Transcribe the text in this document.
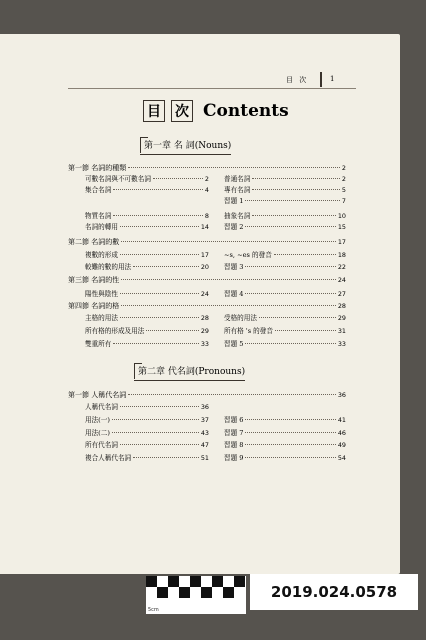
目 次	1
目 次 Contents
第一章 名 詞(Nouns)
第二章 代名詞(Pronouns)
第一節 名詞的種類	2
可數名詞與不可數名詞	2 普通名詞	2
集合名詞	4 專有名詞	5
習題 1	7
物質名詞	8 抽象名詞	10
名詞的轉用	14 習題 2	15
第二節 名詞的數	17
複數的形成	17 ~s, ~es 的發音	18
較難的數的用法	20 習題 3	22
第三節 名詞的性	24
陽性與陰性	24 習題 4	27
第四節 名詞的格	28
主格的用法	28 受格的用法	29
所有格的形成及用法	29 所有格 's 的發音	31
雙重所有	33 習題 5	33
第一節 人稱代名詞	36
人稱代名詞	36
用法(一)	37 習題 6	41
用法(二)	43 習題 7	46
所有代名詞	47 習題 8	49
複合人稱代名詞	51 習題 9	54
5cm
2019.024.0578
